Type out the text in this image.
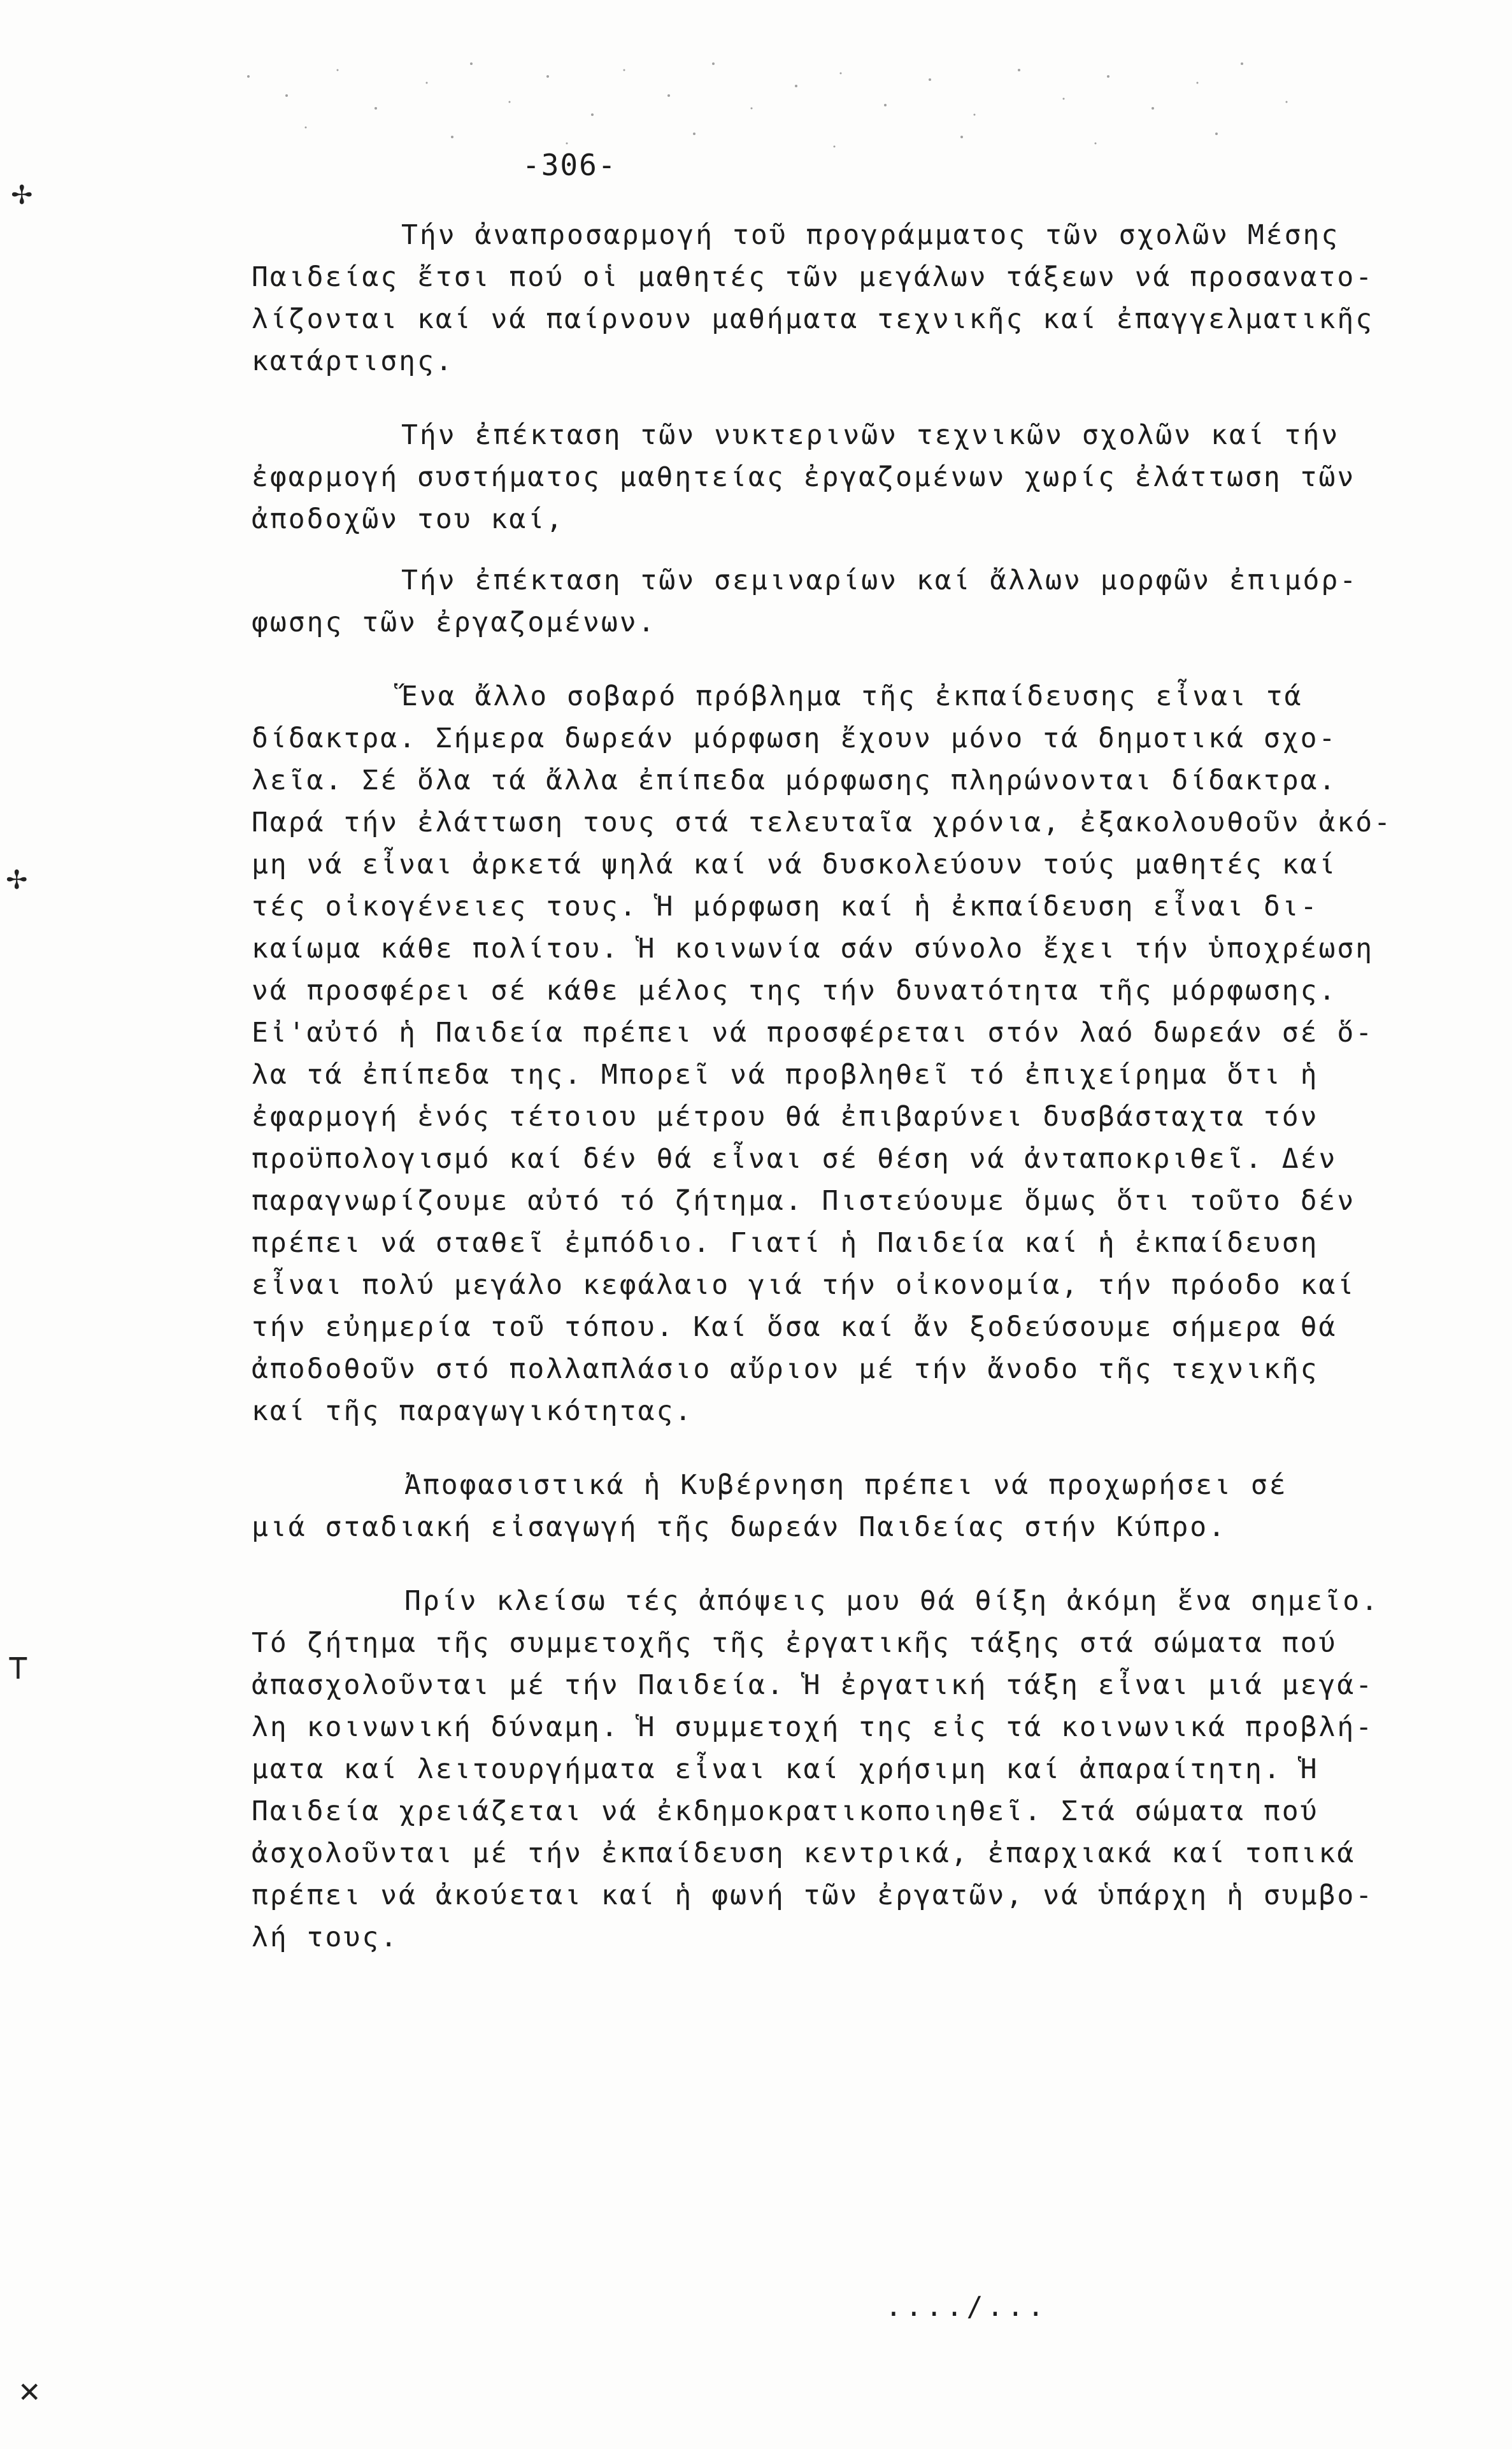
✢
✢
⊤
✕
-306-
Τήν ἀναπροσαρμογή τοῦ προγράμματος τῶν σχολῶν Μέσης
Παιδείας ἔτσι πού οἱ μαθητές τῶν μεγάλων τάξεων νά προσανατο-
λίζονται καί νά παίρνουν μαθήματα τεχνικῆς καί ἐπαγγελματικῆς
κατάρτισης.
Τήν ἐπέκταση τῶν νυκτερινῶν τεχνικῶν σχολῶν καί τήν
ἐφαρμογή συστήματος μαθητείας ἐργαζομένων χωρίς ἐλάττωση τῶν
ἀποδοχῶν του καί,
Τήν ἐπέκταση τῶν σεμιναρίων καί ἄλλων μορφῶν ἐπιμόρ-
φωσης τῶν ἐργαζομένων.
Ἕνα ἄλλο σοβαρό πρόβλημα τῆς ἐκπαίδευσης εἶναι τά
δίδακτρα. Σήμερα δωρεάν μόρφωση ἔχουν μόνο τά δημοτικά σχο-
λεῖα. Σέ ὅλα τά ἄλλα ἐπίπεδα μόρφωσης πληρώνονται δίδακτρα.
Παρά τήν ἐλάττωση τους στά τελευταῖα χρόνια, ἐξακολουθοῦν ἀκό-
μη νά εἶναι ἀρκετά ψηλά καί νά δυσκολεύουν τούς μαθητές καί
τές οἰκογένειες τους. Ἡ μόρφωση καί ἡ ἐκπαίδευση εἶναι δι-
καίωμα κάθε πολίτου. Ἡ κοινωνία σάν σύνολο ἔχει τήν ὑποχρέωση
νά προσφέρει σέ κάθε μέλος της τήν δυνατότητα τῆς μόρφωσης.
Εἰ'αὐτό ἡ Παιδεία πρέπει νά προσφέρεται στόν λαό δωρεάν σέ ὅ-
λα τά ἐπίπεδα της. Μπορεῖ νά προβληθεῖ τό ἐπιχείρημα ὅτι ἡ
ἐφαρμογή ἑνός τέτοιου μέτρου θά ἐπιβαρύνει δυσβάσταχτα τόν
προϋπολογισμό καί δέν θά εἶναι σέ θέση νά ἀνταποκριθεῖ. Δέν
παραγνωρίζουμε αὐτό τό ζήτημα. Πιστεύουμε ὅμως ὅτι τοῦτο δέν
πρέπει νά σταθεῖ ἐμπόδιο. Γιατί ἡ Παιδεία καί ἡ ἐκπαίδευση
εἶναι πολύ μεγάλο κεφάλαιο γιά τήν οἰκονομία, τήν πρόοδο καί
τήν εὐημερία τοῦ τόπου. Καί ὅσα καί ἄν ξοδεύσουμε σήμερα θά
ἀποδοθοῦν στό πολλαπλάσιο αὔριον μέ τήν ἄνοδο τῆς τεχνικῆς
καί τῆς παραγωγικότητας.
Ἀποφασιστικά ἡ Κυβέρνηση πρέπει νά προχωρήσει σέ
μιά σταδιακή εἰσαγωγή τῆς δωρεάν Παιδείας στήν Κύπρο.
Πρίν κλείσω τές ἀπόψεις μου θά θίξη ἀκόμη ἕνα σημεῖο.
Τό ζήτημα τῆς συμμετοχῆς τῆς ἐργατικῆς τάξης στά σώματα πού
ἀπασχολοῦνται μέ τήν Παιδεία. Ἡ ἐργατική τάξη εἶναι μιά μεγά-
λη κοινωνική δύναμη. Ἡ συμμετοχή της εἰς τά κοινωνικά προβλή-
ματα καί λειτουργήματα εἶναι καί χρήσιμη καί ἀπαραίτητη. Ἡ
Παιδεία χρειάζεται νά ἐκδημοκρατικοποιηθεῖ. Στά σώματα πού
ἀσχολοῦνται μέ τήν ἐκπαίδευση κεντρικά, ἐπαρχιακά καί τοπικά
πρέπει νά ἀκούεται καί ἡ φωνή τῶν ἐργατῶν, νά ὑπάρχη ἡ συμβο-
λή τους.
..../...
